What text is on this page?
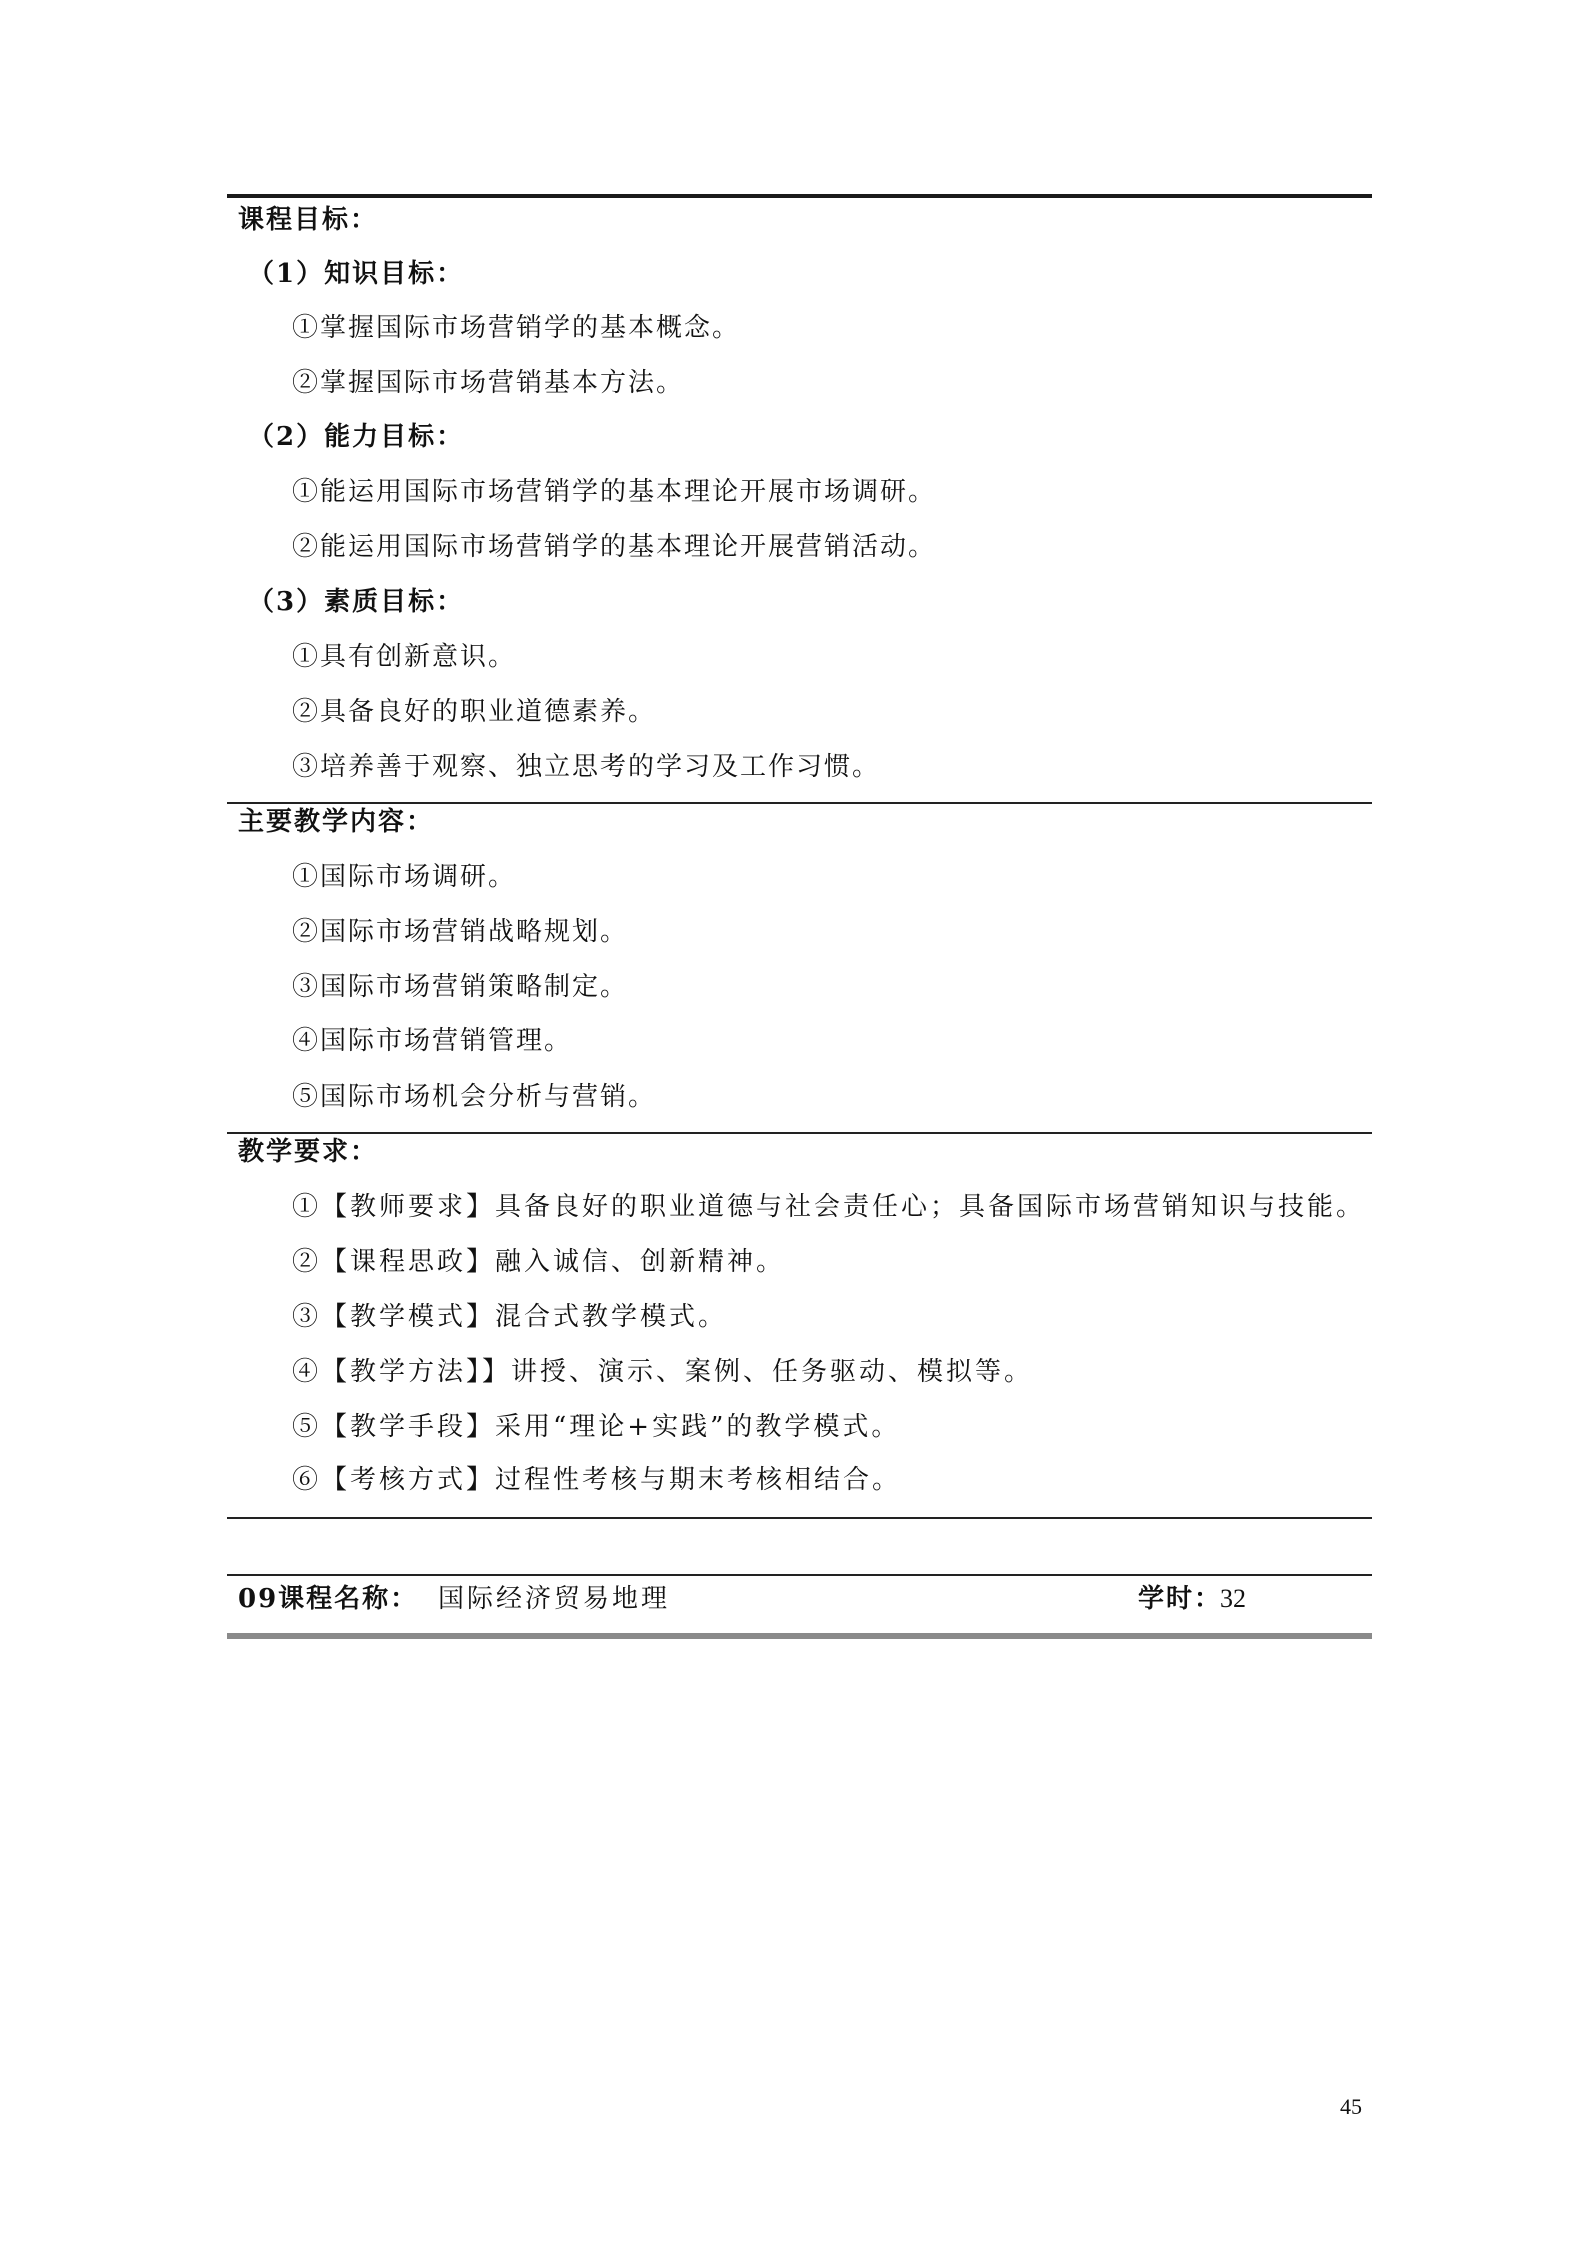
课程目标：
（1）知识目标：
①掌握国际市场营销学的基本概念。
②掌握国际市场营销基本方法。
（2）能力目标：
①能运用国际市场营销学的基本理论开展市场调研。
②能运用国际市场营销学的基本理论开展营销活动。
（3）素质目标：
①具有创新意识。
②具备良好的职业道德素养。
③培养善于观察、独立思考的学习及工作习惯。
主要教学内容：
①国际市场调研。
②国际市场营销战略规划。
③国际市场营销策略制定。
④国际市场营销管理。
⑤国际市场机会分析与营销。
教学要求：
①【教师要求】具备良好的职业道德与社会责任心；具备国际市场营销知识与技能。
②【课程思政】融入诚信、创新精神。
③【教学模式】混合式教学模式。
④【教学方法】】讲授、演示、案例、任务驱动、模拟等。
⑤【教学手段】采用“理论+实践”的教学模式。
⑥【考核方式】过程性考核与期末考核相结合。
09课程名称： 国际经济贸易地理	学时：
32
45
